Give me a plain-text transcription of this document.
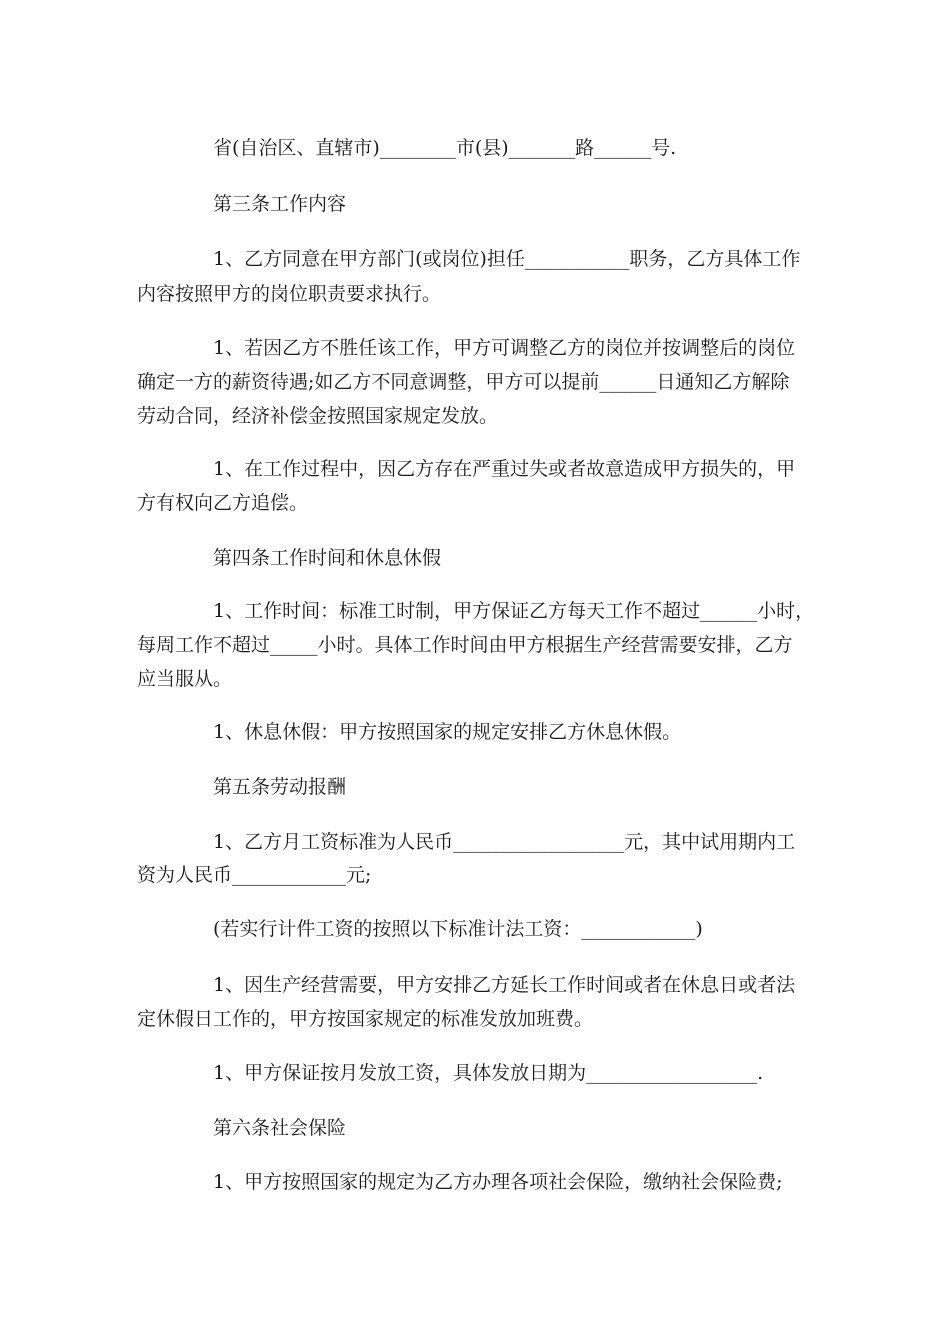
省(自治区、直辖市)________市(县)_______路______号.
第三条工作内容
1、乙方同意在甲方部门(或岗位)担任___________职务，乙方具体工作
内容按照甲方的岗位职责要求执行。
1、若因乙方不胜任该工作，甲方可调整乙方的岗位并按调整后的岗位
确定一方的薪资待遇;如乙方不同意调整，甲方可以提前______日通知乙方解除
劳动合同，经济补偿金按照国家规定发放。
1、在工作过程中，因乙方存在严重过失或者故意造成甲方损失的，甲
方有权向乙方追偿。
第四条工作时间和休息休假
1、工作时间：标准工时制，甲方保证乙方每天工作不超过______小时，
每周工作不超过_____小时。具体工作时间由甲方根据生产经营需要安排，乙方
应当服从。
1、休息休假：甲方按照国家的规定安排乙方休息休假。
第五条劳动报酬
1、乙方月工资标准为人民币__________________元，其中试用期内工
资为人民币____________元;
(若实行计件工资的按照以下标准计法工资：____________)
1、因生产经营需要，甲方安排乙方延长工作时间或者在休息日或者法
定休假日工作的，甲方按国家规定的标准发放加班费。
1、甲方保证按月发放工资，具体发放日期为__________________.
第六条社会保险
1、甲方按照国家的规定为乙方办理各项社会保险，缴纳社会保险费;
